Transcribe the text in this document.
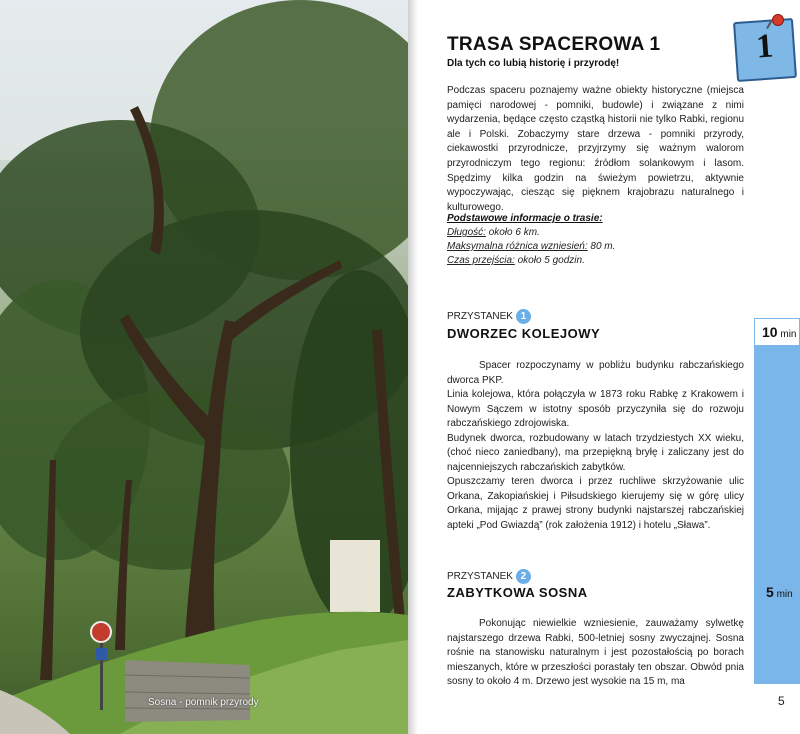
Sosna - pomnik przyrody
TRASA SPACEROWA 1
Dla tych co lubią historię i przyrodę!	1
Podczas spaceru poznajemy ważne obiekty historyczne (miejsca pamięci narodowej - pomniki, budowle) i związane z nimi wydarzenia, będące często cząstką historii nie tylko Rabki, regionu ale i Polski. Zobaczymy stare drzewa - pomniki przyrody, ciekawostki przyrodnicze, przyjrzymy się ważnym walorom przyrodniczym tego regionu: źródłom solankowym i lasom. Spędzimy kilka godzin na świeżym powietrzu, aktywnie wypoczywając, ciesząc się pięknem krajobrazu naturalnego i kulturowego.
Podstawowe informacje o trasie:
Długość: około 6 km.
Maksymalna różnica wzniesień: 80 m.
Czas przejścia: około 5 godzin.
PRZYSTANEK 1
DWORZEC KOLEJOWY

Spacer rozpoczynamy w pobliżu budynku rabczańskiego dworca PKP.

Linia kolejowa, która połączyła w 1873 roku Rabkę z Krakowem i Nowym Sączem w istotny sposób przyczyniła się do rozwoju rabczańskiego zdrojowiska.

Budynek dworca, rozbudowany w latach trzydziestych XX wieku, (choć nieco zaniedbany), ma przepiękną bryłę i zaliczany jest do najcenniejszych rabczańskich zabytków.

Opuszczamy teren dworca i przez ruchliwe skrzyżowanie ulic Orkana, Zakopiańskiej i Piłsudskiego kierujemy się w górę ulicy Orkana, mijając z prawej strony budynki najstarszej rabczańskiej apteki „Pod Gwiazdą” (rok założenia 1912) i hotelu „Sława”.

PRZYSTANEK 2
ZABYTKOWA SOSNA

Pokonując niewielkie wzniesienie, zauważamy sylwetkę najstarszego drzewa Rabki, 500-letniej sosny zwyczajnej. Sosna rośnie na stanowisku naturalnym i jest pozostałością po borach mieszanych, które w przeszłości porastały ten obszar. Obwód pnia sosny to około 4 m. Drzewo jest wysokie na 15 m, ma

10 min
5 min
5
